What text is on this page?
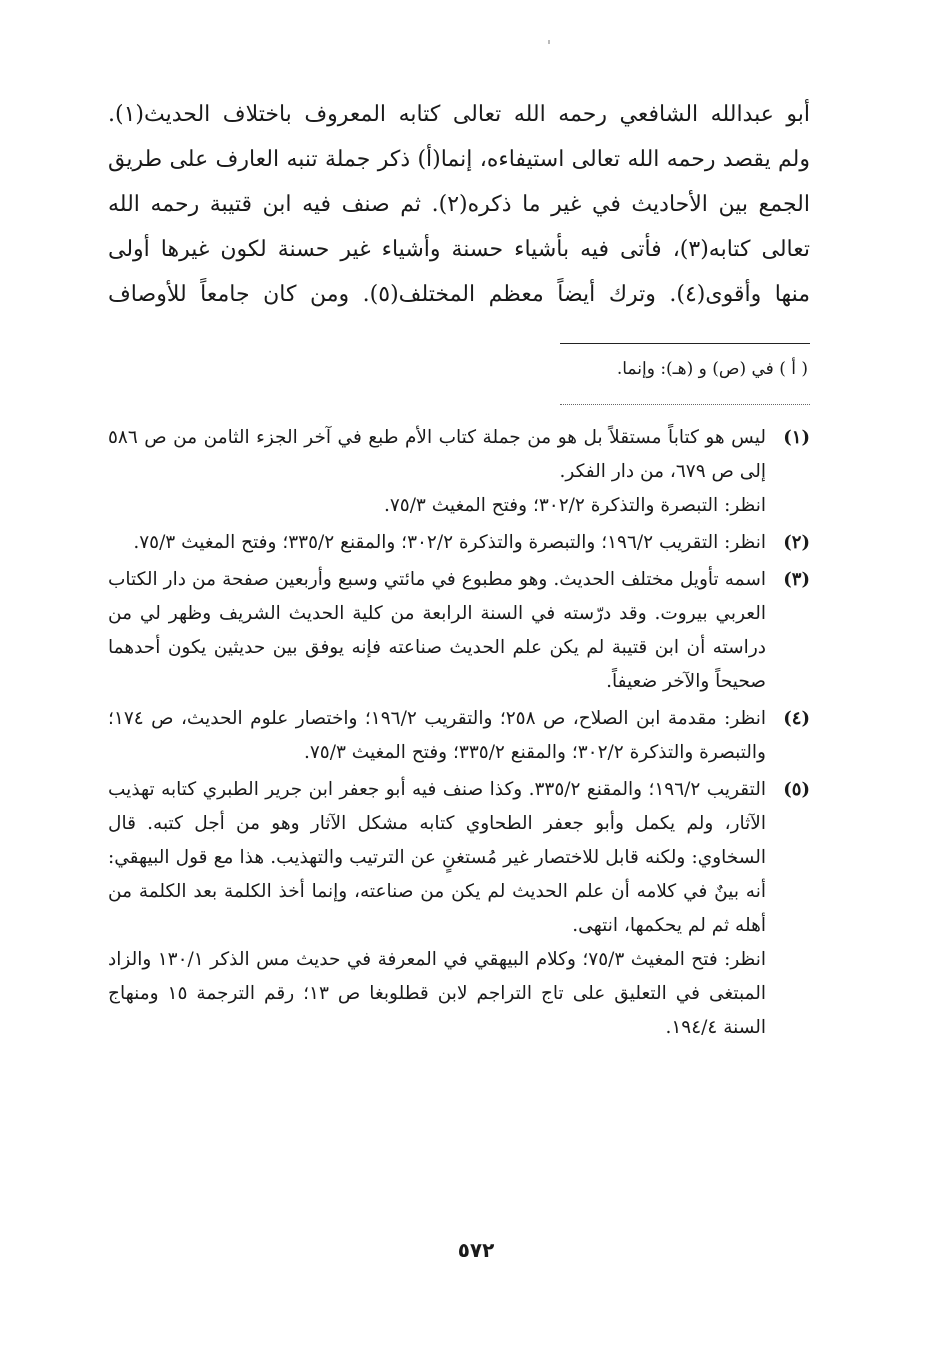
أبو عبدالله الشافعي رحمه الله تعالى كتابه المعروف باختلاف الحديث(١).

ولم يقصد رحمه الله تعالى استيفاءه، إنما(أ) ذكر جملة تنبه العارف على طريق

الجمع بين الأحاديث في غير ما ذكره(٢). ثم صنف فيه ابن قتيبة رحمه الله

تعالى كتابه(٣)، فأتى فيه بأشياء حسنة وأشياء غير حسنة لكون غيرها أولى

منها وأقوى(٤). وترك أيضاً معظم المختلف(٥). ومن كان جامعاً للأوصاف

( أ ) في (ص) و (هـ): وإنما.
(١)

ليس هو كتاباً مستقلاً بل هو من جملة كتاب الأم طبع في آخر الجزء الثامن من ص ٥٨٦ إلى ص ٦٧٩، من دار الفكر.

انظر: التبصرة والتذكرة ٣٠٢/٢؛ وفتح المغيث ٧٥/٣.

(٢)

انظر: التقريب ١٩٦/٢؛ والتبصرة والتذكرة ٣٠٢/٢؛ والمقنع ٣٣٥/٢؛ وفتح المغيث ٧٥/٣.

(٣)

اسمه تأويل مختلف الحديث. وهو مطبوع في مائتي وسبع وأربعين صفحة من دار الكتاب العربي بيروت. وقد درّسته في السنة الرابعة من كلية الحديث الشريف وظهر لي من دراسته أن ابن قتيبة لم يكن علم الحديث صناعته فإنه يوفق بين حديثين يكون أحدهما صحيحاً والآخر ضعيفاً.

(٤)

انظر: مقدمة ابن الصلاح، ص ٢٥٨؛ والتقريب ١٩٦/٢؛ واختصار علوم الحديث، ص ١٧٤؛ والتبصرة والتذكرة ٣٠٢/٢؛ والمقنع ٣٣٥/٢؛ وفتح المغيث ٧٥/٣.

(٥)

التقريب ١٩٦/٢؛ والمقنع ٣٣٥/٢. وكذا صنف فيه أبو جعفر ابن جرير الطبري كتابه تهذيب الآثار، ولم يكمل وأبو جعفر الطحاوي كتابه مشكل الآثار وهو من أجل كتبه. قال السخاوي: ولكنه قابل للاختصار غير مُستغنٍ عن الترتيب والتهذيب. هذا مع قول البيهقي: أنه بينٌ في كلامه أن علم الحديث لم يكن من صناعته، وإنما أخذ الكلمة بعد الكلمة من أهله ثم لم يحكمها، انتهى.

انظر: فتح المغيث ٧٥/٣؛ وكلام البيهقي في المعرفة في حديث مس الذكر ١٣٠/١ والزاد المبتغى في التعليق على تاج التراجم لابن قطلوبغا ص ١٣؛ رقم الترجمة ١٥ ومنهاج السنة ١٩٤/٤.

٥٧٢
